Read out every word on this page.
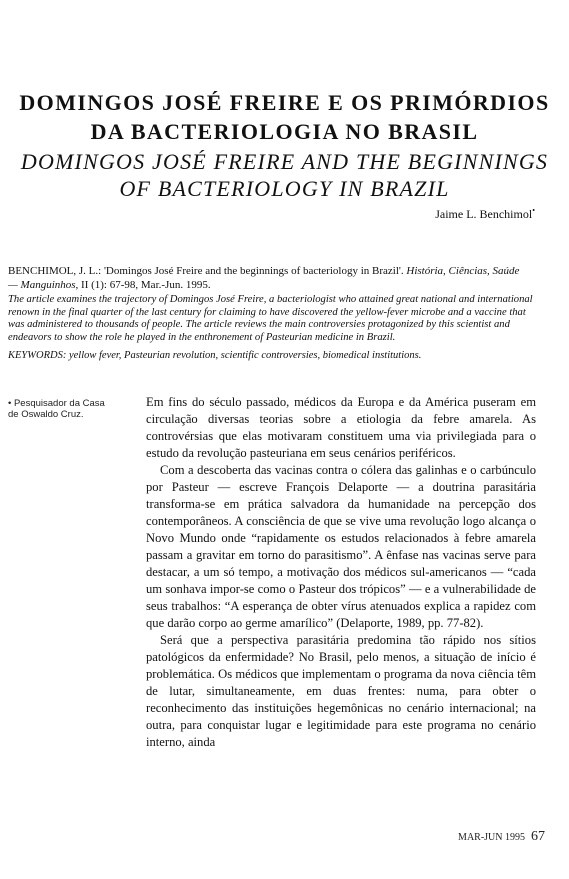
DOMINGOS JOSÉ FREIRE E OS PRIMÓRDIOS
DA BACTERIOLOGIA NO BRASIL
DOMINGOS JOSÉ FREIRE AND THE BEGINNINGS
OF BACTERIOLOGY IN BRAZIL
Jaime L. Benchimol•
BENCHIMOL, J. L.: 'Domingos José Freire and the beginnings of bacteriology in Brazil'. História, Ciências, Saúde— Manguinhos, II (1): 67-98, Mar.-Jun. 1995.
The article examines the trajectory of Domingos José Freire, a bacteriologist who attained great national and international renown in the final quarter of the last century for claiming to have discovered the yellow-fever microbe and a vaccine that was administered to thousands of people. The article reviews the main controversies protagonized by this scientist and endeavors to show the role he played in the enthronement of Pasteurian medicine in Brazil.
KEYWORDS: yellow fever, Pasteurian revolution, scientific controversies, biomedical institutions.
• Pesquisador da Casa de Oswaldo Cruz.

Em fins do século passado, médicos da Europa e da América puseram em circulação diversas teorias sobre a etiologia da febre amarela. As controvérsias que elas motivaram constituem uma via privilegiada para o estudo da revolução pasteuriana em seus cenários periféricos.

Com a descoberta das vacinas contra o cólera das galinhas e o carbúnculo por Pasteur — escreve François Delaporte — a doutrina parasitária transforma-se em prática salvadora da humanidade na percepção dos contemporâneos. A consciência de que se vive uma revolução logo alcança o Novo Mundo onde “rapidamente os estudos relacionados à febre amarela passam a gravitar em torno do parasitismo”. A ênfase nas vacinas serve para destacar, a um só tempo, a motivação dos médicos sul-americanos — “cada um sonhava impor-se como o Pasteur dos trópicos” — e a vulnerabilidade de seus trabalhos: “A esperança de obter vírus atenuados explica a rapidez com que darão corpo ao germe amarílico” (Delaporte, 1989, pp. 77-82).

Será que a perspectiva parasitária predomina tão rápido nos sítios patológicos da enfermidade? No Brasil, pelo menos, a situação de início é problemática. Os médicos que implementam o programa da nova ciência têm de lutar, simultaneamente, em duas frentes: numa, para obter o reconhecimento das instituições hegemônicas no cenário internacional; na outra, para conquistar lugar e legitimidade para este programa no cenário interno, ainda

MAR-JUN 1995 67
